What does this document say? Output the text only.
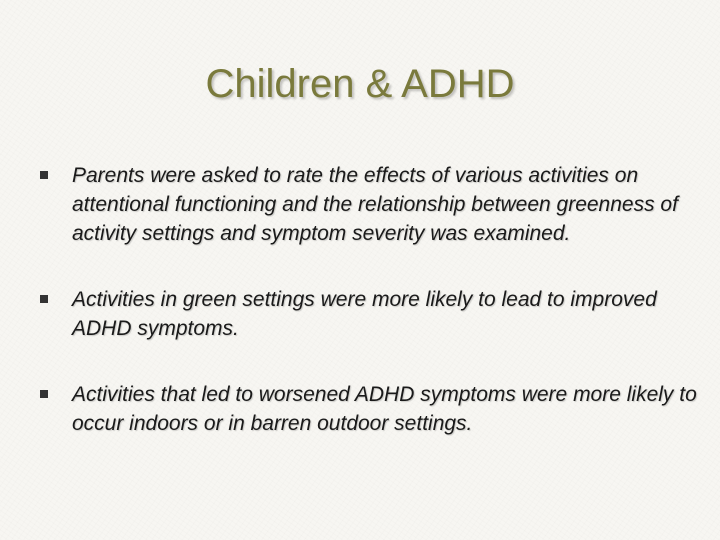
Children & ADHD
Parents were asked to rate the effects of various activities on attentional functioning and the relationship between greenness of activity settings and symptom severity was examined.
Activities in green settings were more likely to lead to improved ADHD symptoms.
Activities that led to worsened ADHD symptoms were more likely to occur indoors or in barren outdoor settings.
